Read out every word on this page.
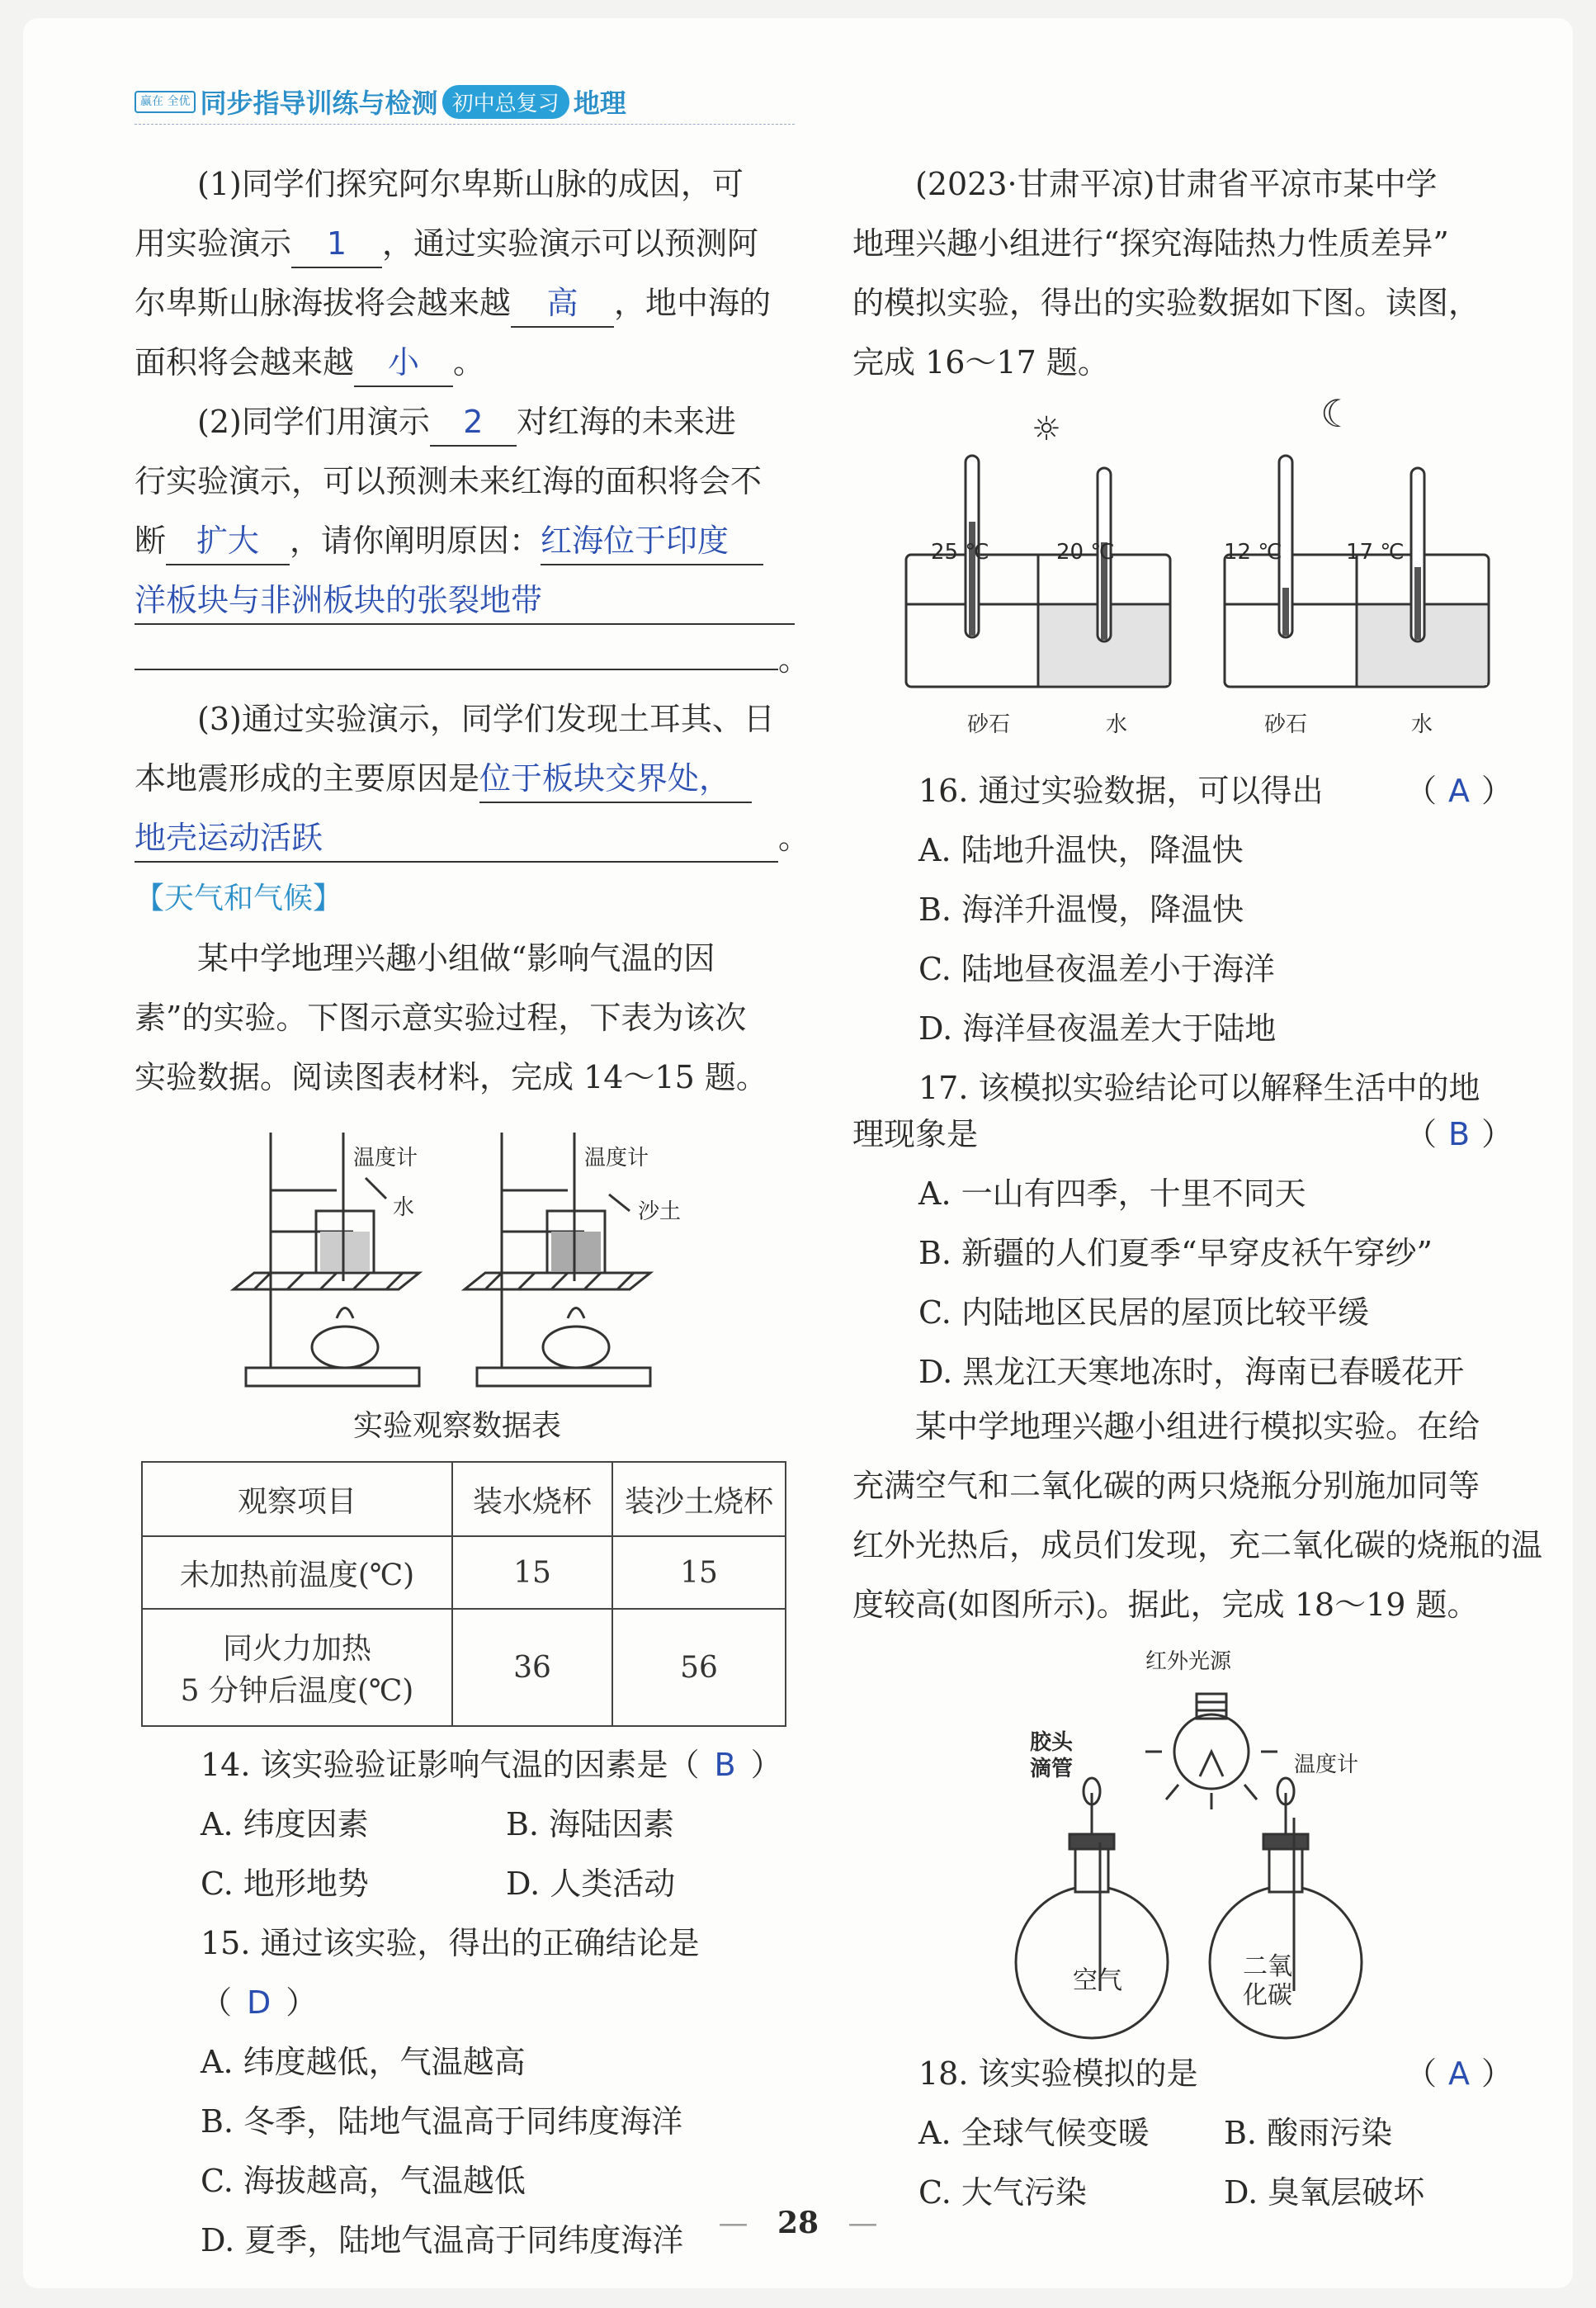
赢在 全优 同步指导训练与检测 初中总复习 地理

(1)同学们探究阿尔卑斯山脉的成因，可

用实验演示 1 ，通过实验演示可以预测阿

尔卑斯山脉海拔将会越来越 高 ，地中海的

面积将会越来越 小 。

(2)同学们用演示 2 对红海的未来进

行实验演示，可以预测未来红海的面积将会不

断 扩大 ，请你阐明原因：红海位于印度

洋板块与非洲板块的张裂地带

。

(3)通过实验演示，同学们发现土耳其、日

本地震形成的主要原因是位于板块交界处，

地壳运动活跃	。

【天气和气候】

某中学地理兴趣小组做“影响气温的因

素”的实验。下图示意实验过程，下表为该次

实验数据。阅读图表材料，完成 14～15 题。

温度计
水
温度计
沙土
实验观察数据表
观察项目	装水烧杯	装沙土烧杯
未加热前温度(℃)	15	15

同火力加热
5 分钟后温度(℃)	36	56

14. 该实验验证影响气温的因素是（ B ）

A. 纬度因素	B. 海陆因素

C. 地形地势	D. 人类活动

15. 通过该实验，得出的正确结论是（ D ）

A. 纬度越低，气温越高

B. 冬季，陆地气温高于同纬度海洋

C. 海拔越高，气温越低

D. 夏季，陆地气温高于同纬度海洋

(2023·甘肃平凉)甘肃省平凉市某中学

地理兴趣小组进行“探究海陆热力性质差异”

的模拟实验，得出的实验数据如下图。读图，

完成 16～17 题。

☼	☾
25 ℃	20 ℃	12 ℃	17 ℃
砂石	水	砂石	水

16. 通过实验数据，可以得出	（ A ）

A. 陆地升温快，降温快

B. 海洋升温慢，降温快

C. 陆地昼夜温差小于海洋

D. 海洋昼夜温差大于陆地

17. 该模拟实验结论可以解释生活中的地

理现象是	（ B ）

A. 一山有四季，十里不同天

B. 新疆的人们夏季“早穿皮袄午穿纱”

C. 内陆地区民居的屋顶比较平缓

D. 黑龙江天寒地冻时，海南已春暖花开

某中学地理兴趣小组进行模拟实验。在给

充满空气和二氧化碳的两只烧瓶分别施加同等

红外光热后，成员们发现，充二氧化碳的烧瓶的温

度较高(如图所示)。据此，完成 18～19 题。

红外光源
胶头
滴管	温度计
空气	二氧
化碳

18. 该实验模拟的是	（ A ）

A. 全球气候变暖 B. 酸雨污染

C. 大气污染	D. 臭氧层破坏

— 28 —
